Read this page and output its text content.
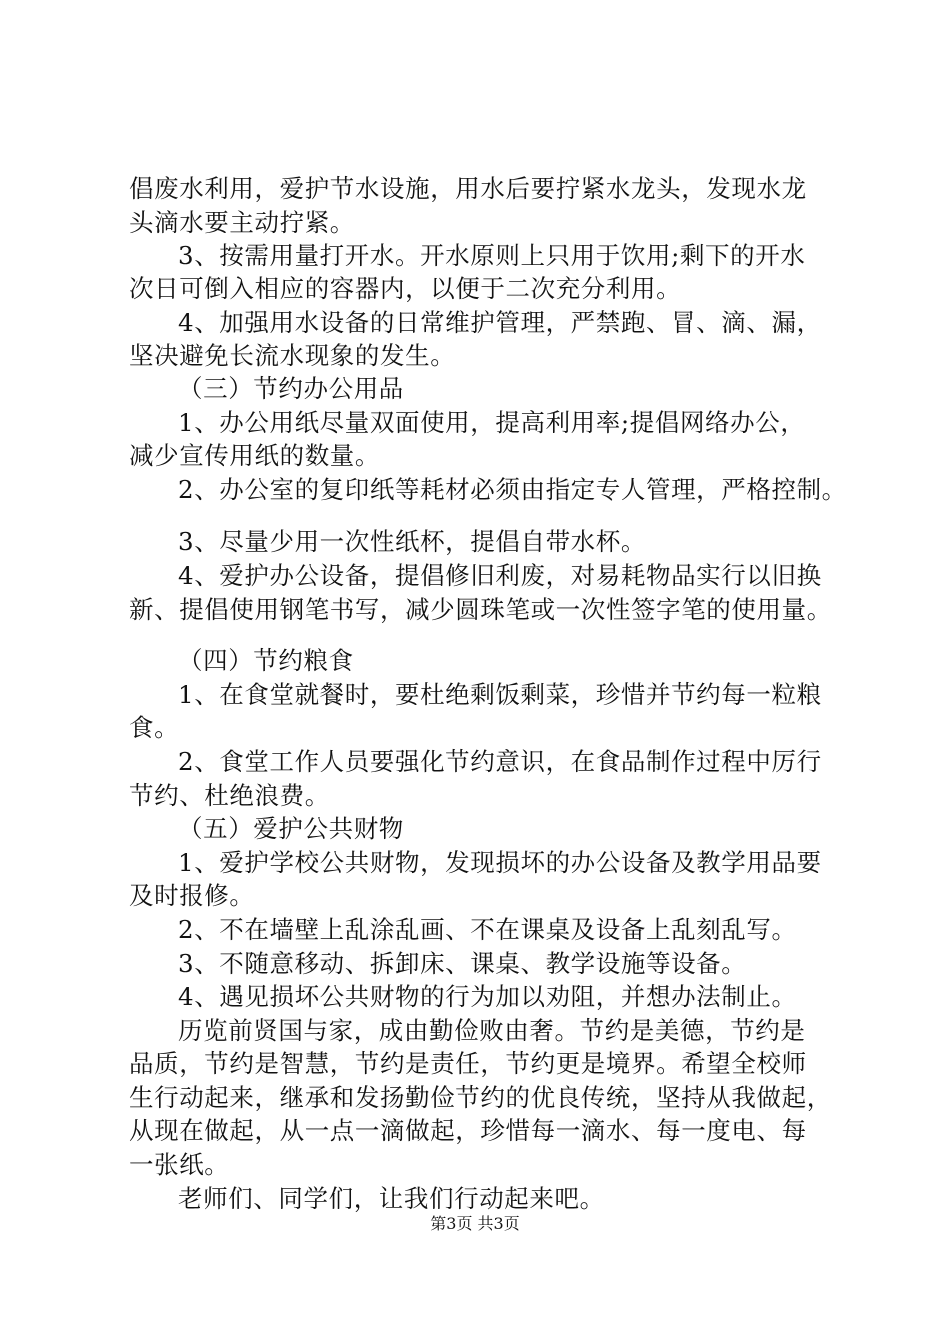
倡废水利用，爱护节水设施，用水后要拧紧水龙头，发现水龙
头滴水要主动拧紧。
3、按需用量打开水。开水原则上只用于饮用;剩下的开水
次日可倒入相应的容器内，以便于二次充分利用。
4、加强用水设备的日常维护管理，严禁跑、冒、滴、漏，
坚决避免长流水现象的发生。
（三）节约办公用品
1、办公用纸尽量双面使用，提高利用率;提倡网络办公，
减少宣传用纸的数量。
2、办公室的复印纸等耗材必须由指定专人管理，严格控制。
3、尽量少用一次性纸杯，提倡自带水杯。
4、爱护办公设备，提倡修旧利废，对易耗物品实行以旧换
新、提倡使用钢笔书写，减少圆珠笔或一次性签字笔的使用量。
（四）节约粮食
1、在食堂就餐时，要杜绝剩饭剩菜，珍惜并节约每一粒粮
食。
2、食堂工作人员要强化节约意识，在食品制作过程中厉行
节约、杜绝浪费。
（五）爱护公共财物
1、爱护学校公共财物，发现损坏的办公设备及教学用品要
及时报修。
2、不在墙壁上乱涂乱画、不在课桌及设备上乱刻乱写。
3、不随意移动、拆卸床、课桌、教学设施等设备。
4、遇见损坏公共财物的行为加以劝阻，并想办法制止。
历览前贤国与家，成由勤俭败由奢。节约是美德，节约是
品质，节约是智慧，节约是责任，节约更是境界。希望全校师
生行动起来，继承和发扬勤俭节约的优良传统，坚持从我做起，
从现在做起，从一点一滴做起，珍惜每一滴水、每一度电、每
一张纸。
老师们、同学们，让我们行动起来吧。
第3页 共3页
